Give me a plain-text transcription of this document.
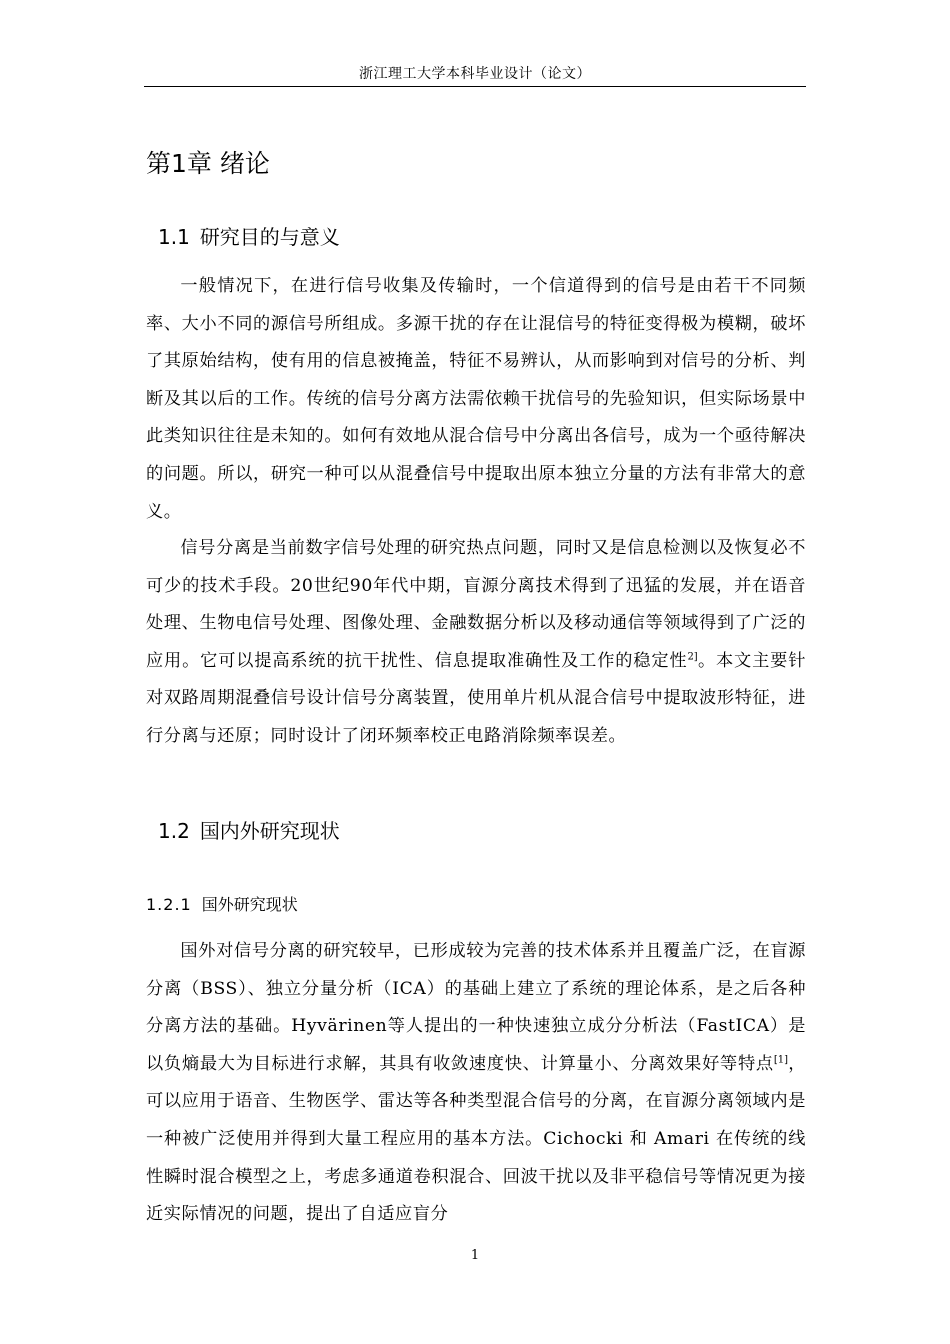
浙江理工大学本科毕业设计（论文）
第1章 绪论
1.1 研究目的与意义

一般情况下，在进行信号收集及传输时，一个信道得到的信号是由若干不同频率、大小不同的源信号所组成。多源干扰的存在让混信号的特征变得极为模糊，破坏了其原始结构，使有用的信息被掩盖，特征不易辨认，从而影响到对信号的分析、判断及其以后的工作。传统的信号分离方法需依赖干扰信号的先验知识，但实际场景中此类知识往往是未知的。如何有效地从混合信号中分离出各信号，成为一个亟待解决的问题。所以，研究一种可以从混叠信号中提取出原本独立分量的方法有非常大的意义。

信号分离是当前数字信号处理的研究热点问题，同时又是信息检测以及恢复必不可少的技术手段。20世纪90年代中期，盲源分离技术得到了迅猛的发展，并在语音处理、生物电信号处理、图像处理、金融数据分析以及移动通信等领域得到了广泛的应用。它可以提高系统的抗干扰性、信息提取准确性及工作的稳定性$^{2]}$。本文主要针对双路周期混叠信号设计信号分离装置，使用单片机从混合信号中提取波形特征，进行分离与还原；同时设计了闭环频率校正电路消除频率误差。

1.2 国内外研究现状
1.2.1 国外研究现状

国外对信号分离的研究较早，已形成较为完善的技术体系并且覆盖广泛，在盲源分离（BSS）、独立分量分析（ICA）的基础上建立了系统的理论体系，是之后各种分离方法的基础。Hyvärinen等人提出的一种快速独立成分分析法（FastICA）是以负熵最大为目标进行求解，其具有收敛速度快、计算量小、分离效果好等特点[1]，可以应用于语音、生物医学、雷达等各种类型混合信号的分离，在盲源分离领域内是一种被广泛使用并得到大量工程应用的基本方法。Cichocki 和 Amari 在传统的线性瞬时混合模型之上，考虑多通道卷积混合、回波干扰以及非平稳信号等情况更为接近实际情况的问题，提出了自适应盲分

1
